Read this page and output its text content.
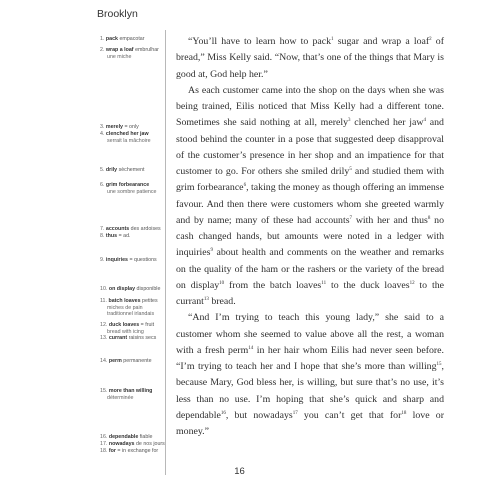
Brooklyn
1. pack empacotar
2. wrap a loaf embrulhar
une miche
3. merely = only
4. clenched her jaw
serrait la mâchoire
5. drily sèchement
6. grim forbearance
une sombre patience
7. accounts des ardoises
8. thus = ad.
9. inquiries = questions
10. on display disponible
11. batch loaves petites
miches de pain traditionnel irlandais
12. duck loaves = fruit
bread with icing
13. currant raisins secs
14. perm permanente
15. more than willing
déterminée
16. dependable fiable
17. nowadays de nos jours
18. for = in exchange for

“You’ll have to learn how to pack$^1$ sugar and wrap a loaf$^2$ of bread,” Miss Kelly said. “Now, that’s one of the things that Mary is good at, God help her.”

As each customer came into the shop on the days when she was being trained, Eilis noticed that Miss Kelly had a different tone. Sometimes she said nothing at all, merely$^3$ clenched her jaw$^4$ and stood behind the counter in a pose that suggested deep disapproval of the customer’s presence in her shop and an impatience for that customer to go. For others she smiled drily$^5$ and studied them with grim forbearance$^6$, taking the money as though offering an immense favour. And then there were customers whom she greeted warmly and by name; many of these had accounts$^7$ with her and thus$^8$ no cash changed hands, but amounts were noted in a ledger with inquiries$^9$ about health and comments on the weather and remarks on the quality of the ham or the rashers or the variety of the bread on display$^{10}$ from the batch loaves$^{11}$ to the duck loaves$^{12}$ to the currant$^{13}$ bread.

“And I’m trying to teach this young lady,” she said to a customer whom she seemed to value above all the rest, a woman with a fresh perm$^{14}$ in her hair whom Eilis had never seen before. “I’m trying to teach her and I hope that she’s more than willing$^{15}$, because Mary, God bless her, is willing, but sure that’s no use, it’s less than no use. I’m hoping that she’s quick and sharp and dependable$^{16}$, but nowadays$^{17}$ you can’t get that for$^{18}$ love or money.”

16
